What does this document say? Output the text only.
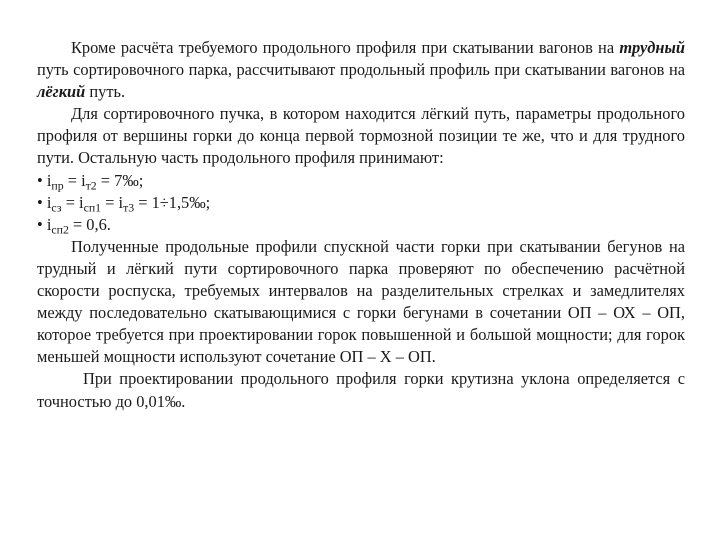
Кроме расчёта требуемого продольного профиля при скатывании вагонов на трудный путь сортировочного парка, рассчитывают продольный профиль при скатывании вагонов на лёгкий путь.

Для сортировочного пучка, в котором находится лёгкий путь, параметры продольного профиля от вершины горки до конца первой тормозной позиции те же, что и для трудного пути. Остальную часть продольного профиля принимают:

• $i_{пр} = i_{т2}$ = 7‰;

• $i_{сз} = i_{сп1} = i_{т3}$ = 1÷1,5‰;

• $i_{сп2} = 0,6$.

Полученные продольные профили спускной части горки при скатывании бегунов на трудный и лёгкий пути сортировочного парка проверяют по обеспечению расчётной скорости роспуска, требуемых интервалов на разделительных стрелках и замедлителях между последовательно скатывающимися с горки бегунами в сочетании ОП – ОХ – ОП, которое требуется при проектировании горок повышенной и большой мощности; для горок меньшей мощности используют сочетание ОП – Х – ОП.

При проектировании продольного профиля горки крутизна уклона определяется с точностью до 0,01‰.
